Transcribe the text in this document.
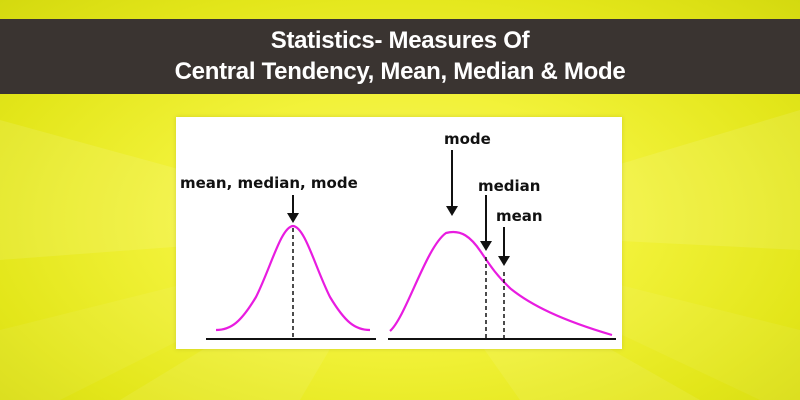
Statistics- Measures Of
Central Tendency, Mean, Median & Mode
mean, median, mode
mode
median
mean
